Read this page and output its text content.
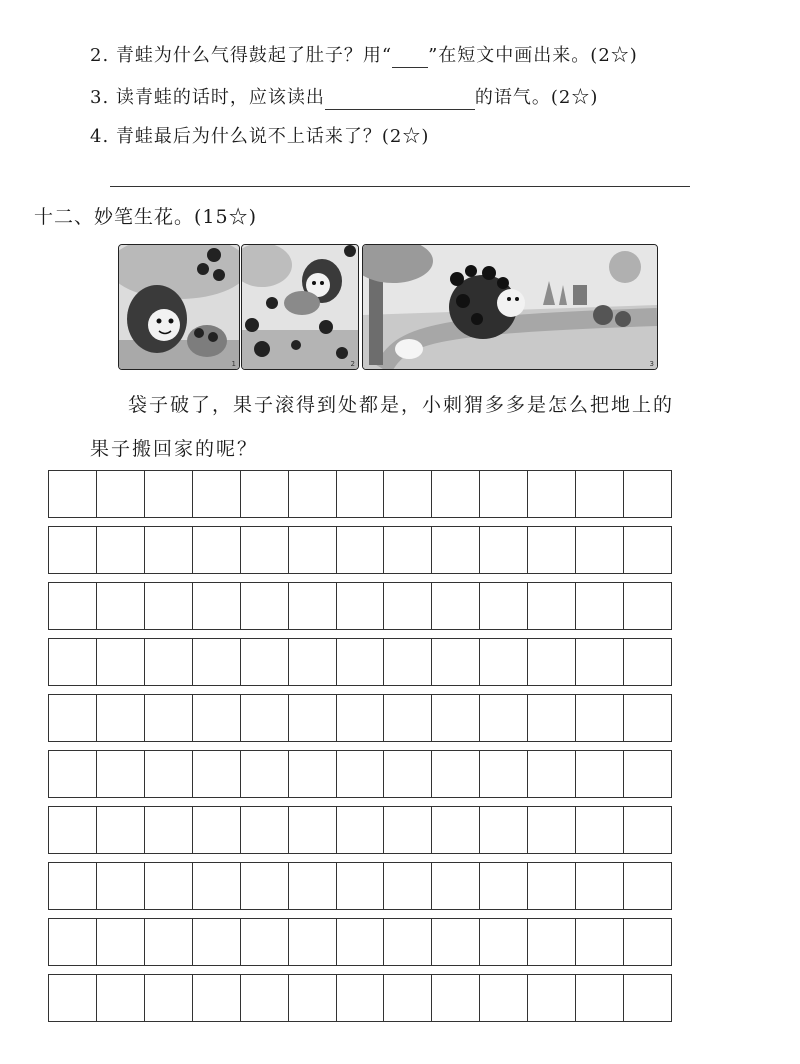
2. 青蛙为什么气得鼓起了肚子？用“ ”在短文中画出来。(2☆)
3. 读青蛙的话时，应该读出	的语气。(2☆)
4. 青蛙最后为什么说不上话来了？(2☆)
十二、妙笔生花。(15☆)
1	2	3
袋子破了，果子滚得到处都是，小刺猬多多是怎么把地上的
果子搬回家的呢？
